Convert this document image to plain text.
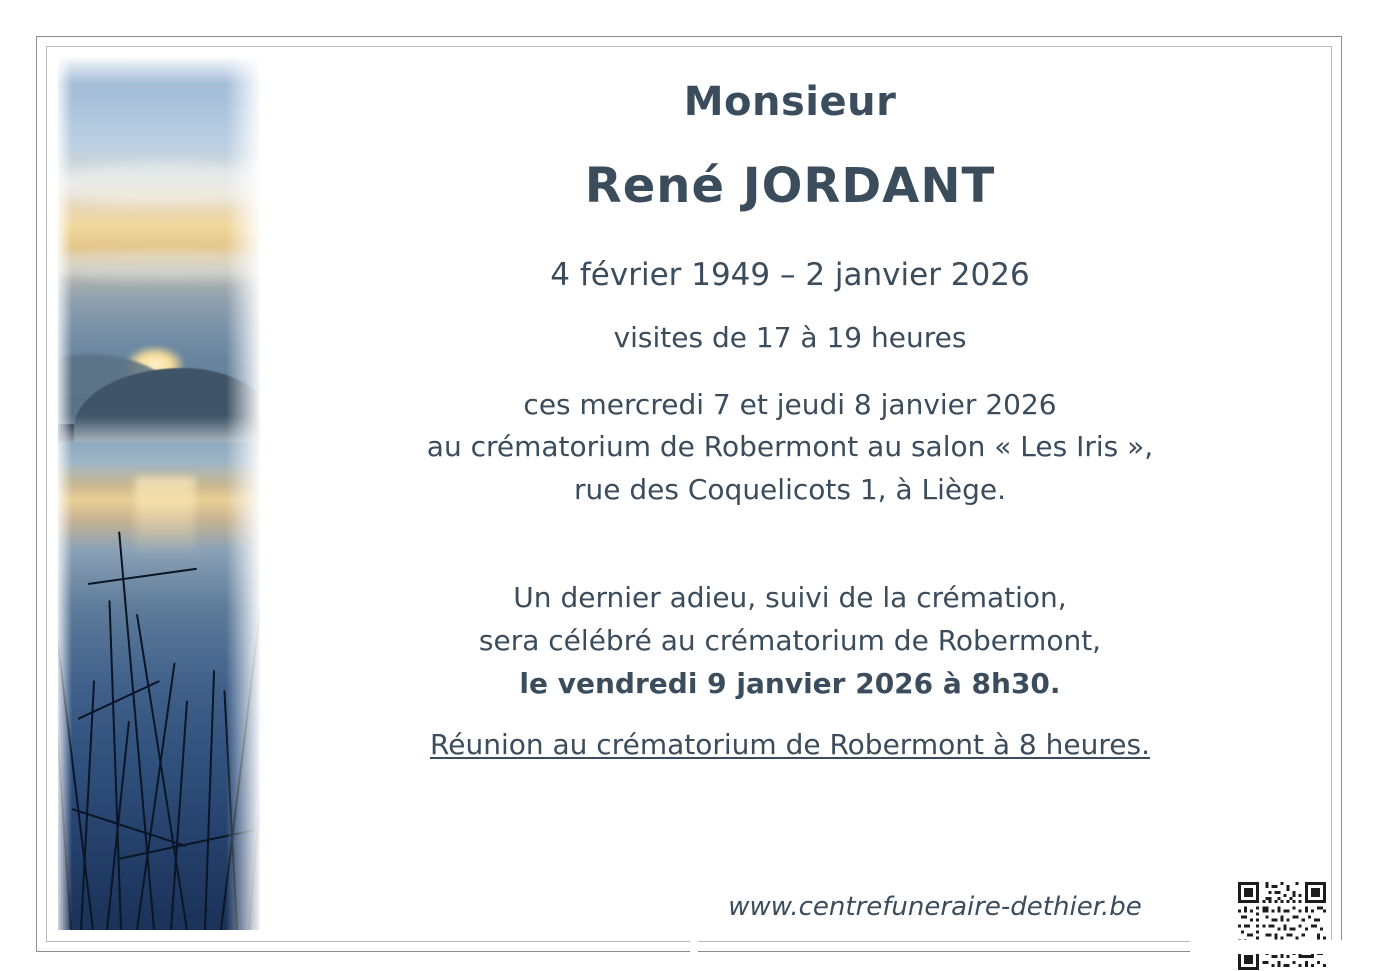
Monsieur

René JORDANT

4 février 1949 – 2 janvier 2026

visites de 17 à 19 heures

ces mercredi 7 et jeudi 8 janvier 2026
au crématorium de Robermont au salon « Les Iris »,
rue des Coquelicots 1, à Liège.

Un dernier adieu, suivi de la crémation,
sera célébré au crématorium de Robermont,
le vendredi 9 janvier 2026 à 8h30.

Réunion au crématorium de Robermont à 8 heures.

www.centrefuneraire-dethier.be
